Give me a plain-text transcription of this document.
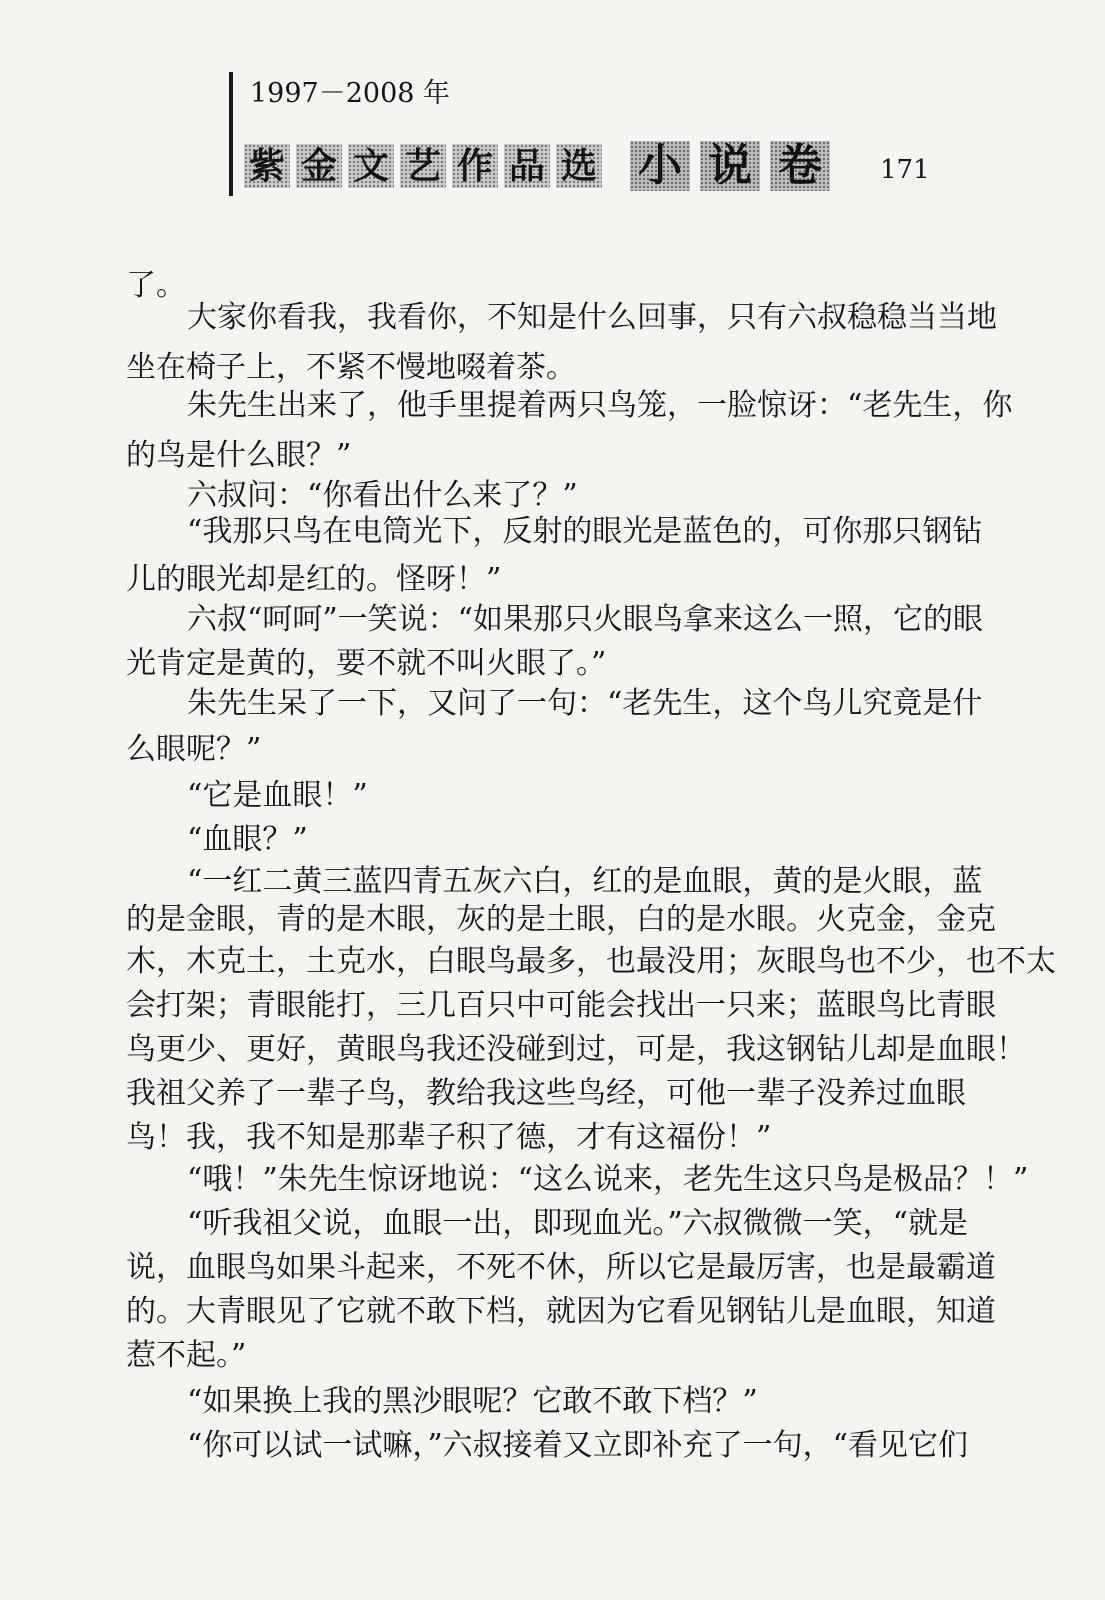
1997－2008 年
紫 金 文 艺 作 品 选 小 说 卷	171
了。
大家你看我，我看你，不知是什么回事，只有六叔稳稳当当地
坐在椅子上，不紧不慢地啜着茶。
朱先生出来了，他手里提着两只鸟笼，一脸惊讶：“老先生，你
的鸟是什么眼？”
六叔问：“你看出什么来了？”
“我那只鸟在电筒光下，反射的眼光是蓝色的，可你那只钢钻
儿的眼光却是红的。怪呀！”
六叔“呵呵”一笑说：“如果那只火眼鸟拿来这么一照，它的眼
光肯定是黄的，要不就不叫火眼了。”
朱先生呆了一下，又问了一句：“老先生，这个鸟儿究竟是什
么眼呢？”
“它是血眼！”
“血眼？”
“一红二黄三蓝四青五灰六白，红的是血眼，黄的是火眼，蓝
的是金眼，青的是木眼，灰的是土眼，白的是水眼。火克金，金克
木，木克土，土克水，白眼鸟最多，也最没用；灰眼鸟也不少，也不太
会打架；青眼能打，三几百只中可能会找出一只来；蓝眼鸟比青眼
鸟更少、更好，黄眼鸟我还没碰到过，可是，我这钢钻儿却是血眼！
我祖父养了一辈子鸟，教给我这些鸟经，可他一辈子没养过血眼
鸟！我，我不知是那辈子积了德，才有这福份！”
“哦！”朱先生惊讶地说：“这么说来，老先生这只鸟是极品？！”
“听我祖父说，血眼一出，即现血光。”六叔微微一笑，“就是
说，血眼鸟如果斗起来，不死不休，所以它是最厉害，也是最霸道
的。大青眼见了它就不敢下档，就因为它看见钢钻儿是血眼，知道
惹不起。”
“如果换上我的黑沙眼呢？它敢不敢下档？”
“你可以试一试嘛，”六叔接着又立即补充了一句，“看见它们
